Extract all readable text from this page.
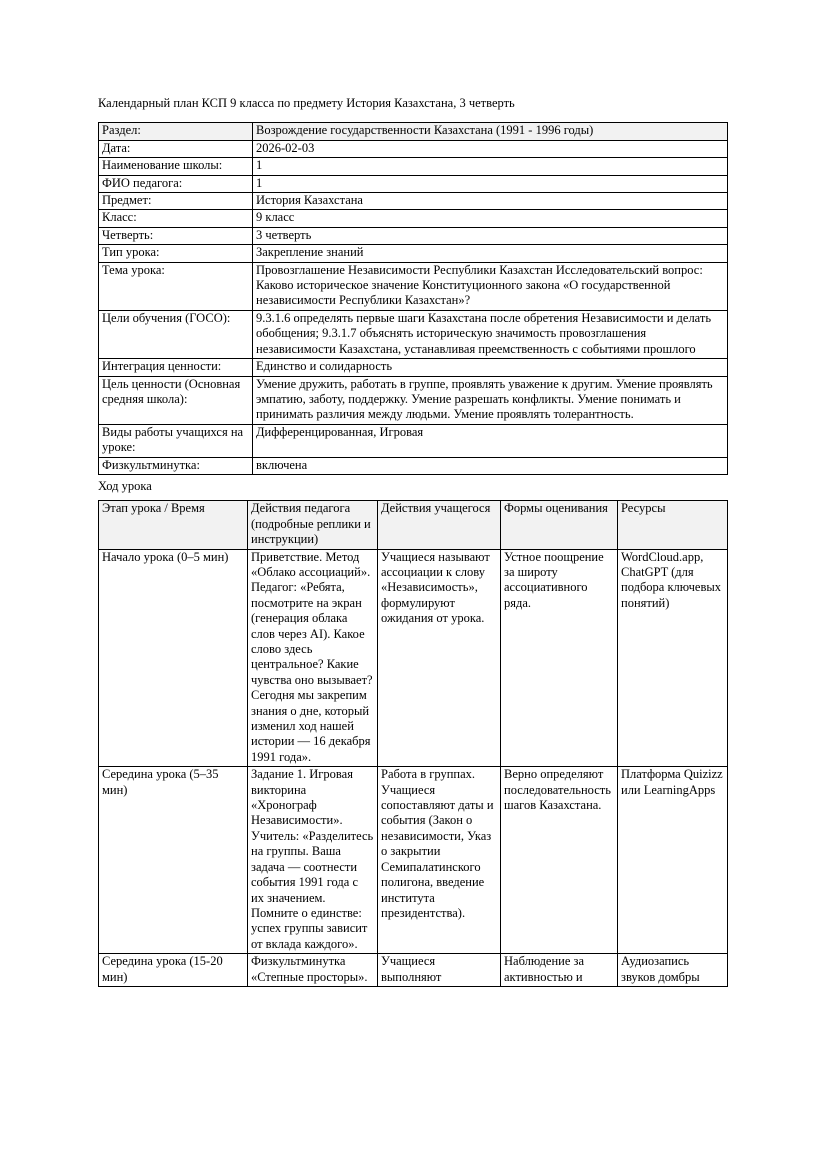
Календарный план КСП 9 класса по предмету История Казахстана, 3 четверть
Раздел:	Возрождение государственности Казахстана (1991 - 1996 годы)
Дата:	2026-02-03
Наименование школы:	1
ФИО педагога:	1
Предмет:	История Казахстана
Класс:	9 класс
Четверть:	3 четверть
Тип урока:	Закрепление знаний
Тема урока:	Провозглашение Независимости Республики Казахстан Исследовательский вопрос: Каково историческое значение Конституционного закона «О государственной независимости Республики Казахстан»?
Цели обучения (ГОСО):	9.3.1.6 определять первые шаги Казахстана после обретения Независимости и делать обобщения; 9.3.1.7 объяснять историческую значимость провозглашения независимости Казахстана, устанавливая преемственность с событиями прошлого
Интеграция ценности:	Единство и солидарность
Цель ценности (Основная средняя школа):	Умение дружить, работать в группе, проявлять уважение к другим. Умение проявлять эмпатию, заботу, поддержку. Умение разрешать конфликты. Умение понимать и принимать различия между людьми. Умение проявлять толерантность.
Виды работы учащихся на уроке:	Дифференцированная, Игровая
Физкультминутка:	включена
Ход урока
Этап урока / Время	Действия педагога (подробные реплики и инструкции)	Действия учащегося	Формы оценивания	Ресурсы
Начало урока (0–5 мин)	Приветствие. Метод «Облако ассоциаций». Педагог: «Ребята, посмотрите на экран (генерация облака слов через AI). Какое слово здесь центральное? Какие чувства оно вызывает? Сегодня мы закрепим знания о дне, который изменил ход нашей истории — 16 декабря 1991 года».	Учащиеся называют ассоциации к слову «Независимость», формулируют ожидания от урока.	Устное поощрение за широту ассоциативного ряда.	WordCloud.app, ChatGPT (для подбора ключевых понятий)
Середина урока (5–35 мин)	Задание 1. Игровая викторина «Хронограф Независимости». Учитель: «Разделитесь на группы. Ваша задача — соотнести события 1991 года с их значением. Помните о единстве: успех группы зависит от вклада каждого».	Работа в группах. Учащиеся сопоставляют даты и события (Закон о независимости, Указ о закрытии Семипалатинского полигона, введение института президентства).	Верно определяют последовательность шагов Казахстана.	Платформа Quizizz или LearningApps
Середина урока (15-20 мин)	Физкультминутка «Степные просторы».	Учащиеся выполняют	Наблюдение за активностью и	Аудиозапись звуков домбры
